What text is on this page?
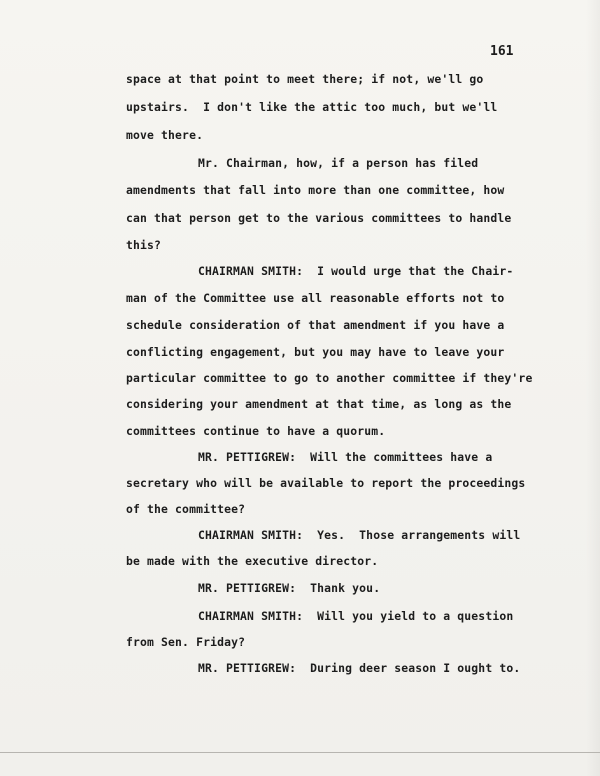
161
space at that point to meet there; if not, we'll go
upstairs.  I don't like the attic too much, but we'll
move there.
Mr. Chairman, how, if a person has filed
amendments that fall into more than one committee, how
can that person get to the various committees to handle
this?
CHAIRMAN SMITH:  I would urge that the Chair-
man of the Committee use all reasonable efforts not to
schedule consideration of that amendment if you have a
conflicting engagement, but you may have to leave your
particular committee to go to another committee if they're
considering your amendment at that time, as long as the
committees continue to have a quorum.
MR. PETTIGREW:  Will the committees have a
secretary who will be available to report the proceedings
of the committee?
CHAIRMAN SMITH:  Yes.  Those arrangements will
be made with the executive director.
MR. PETTIGREW:  Thank you.
CHAIRMAN SMITH:  Will you yield to a question
from Sen. Friday?
MR. PETTIGREW:  During deer season I ought to.
